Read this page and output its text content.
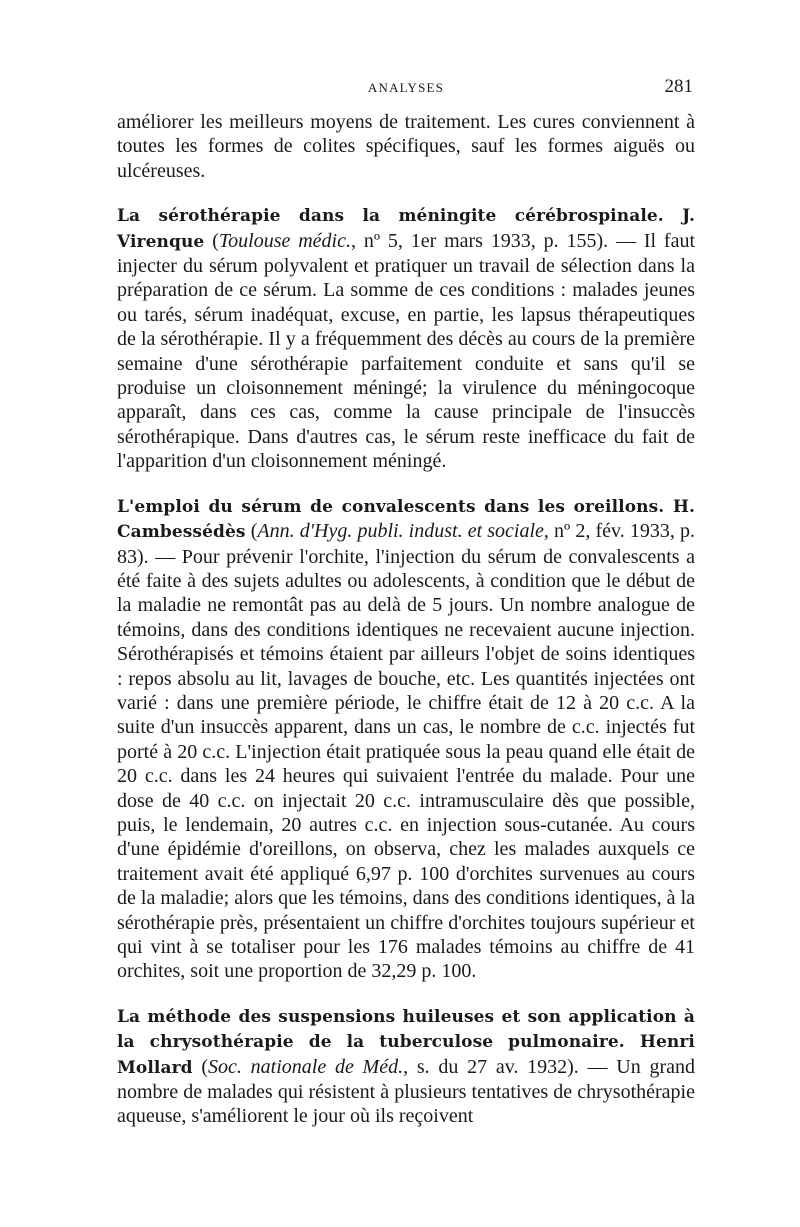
ANALYSES	281

améliorer les meilleurs moyens de traitement. Les cures conviennent à toutes les formes de colites spécifiques, sauf les formes aiguës ou ulcéreuses.

La sérothérapie dans la méningite cérébrospinale. J. Virenque (Toulouse médic., nº 5, 1er mars 1933, p. 155). — Il faut injecter du sérum polyvalent et pratiquer un travail de sélection dans la préparation de ce sérum. La somme de ces conditions : malades jeunes ou tarés, sérum inadéquat, excuse, en partie, les lapsus thérapeutiques de la sérothérapie. Il y a fréquemment des décès au cours de la première semaine d'une sérothérapie parfaitement conduite et sans qu'il se produise un cloisonnement méningé; la virulence du méningocoque apparaît, dans ces cas, comme la cause principale de l'insuccès sérothérapique. Dans d'autres cas, le sérum reste inefficace du fait de l'apparition d'un cloisonnement méningé.

L'emploi du sérum de convalescents dans les oreillons. H. Cambessédès (Ann. d'Hyg. publi. indust. et sociale, nº 2, fév. 1933, p. 83). — Pour prévenir l'orchite, l'injection du sérum de convalescents a été faite à des sujets adultes ou adolescents, à condition que le début de la maladie ne remontât pas au delà de 5 jours. Un nombre analogue de témoins, dans des conditions identiques ne recevaient aucune injection. Sérothérapisés et témoins étaient par ailleurs l'objet de soins identiques : repos absolu au lit, lavages de bouche, etc. Les quantités injectées ont varié : dans une première période, le chiffre était de 12 à 20 c.c. A la suite d'un insuccès apparent, dans un cas, le nombre de c.c. injectés fut porté à 20 c.c. L'injection était pratiquée sous la peau quand elle était de 20 c.c. dans les 24 heures qui suivaient l'entrée du malade. Pour une dose de 40 c.c. on injectait 20 c.c. intramusculaire dès que possible, puis, le lendemain, 20 autres c.c. en injection sous-cutanée. Au cours d'une épidémie d'oreillons, on observa, chez les malades auxquels ce traitement avait été appliqué 6,97 p. 100 d'orchites survenues au cours de la maladie; alors que les témoins, dans des conditions identiques, à la sérothérapie près, présentaient un chiffre d'orchites toujours supérieur et qui vint à se totaliser pour les 176 malades témoins au chiffre de 41 orchites, soit une proportion de 32,29 p. 100.

La méthode des suspensions huileuses et son application à la chrysothérapie de la tuberculose pulmonaire. Henri Mollard (Soc. nationale de Méd., s. du 27 av. 1932). — Un grand nombre de malades qui résistent à plusieurs tentatives de chrysothérapie aqueuse, s'améliorent le jour où ils reçoivent
